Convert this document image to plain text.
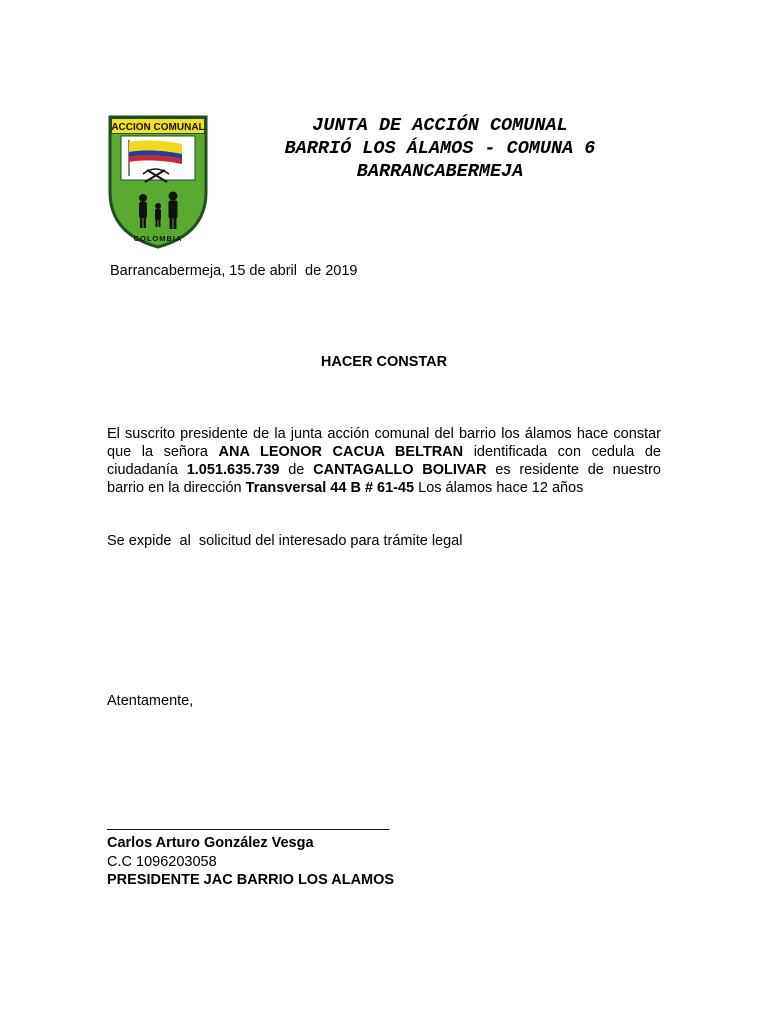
ACCION COMUNAL
COLOMBIA
JUNTA DE ACCIÓN COMUNAL
BARRIÓ LOS ÁLAMOS - COMUNA 6
BARRANCABERMEJA
Barrancabermeja, 15 de abril  de 2019
HACER CONSTAR
El suscrito presidente de la junta acción comunal del barrio los álamos hace constar
que la señora ANA LEONOR CACUA BELTRAN identificada con cedula de
ciudadanía 1.051.635.739 de CANTAGALLO BOLIVAR es residente de nuestro
barrio en la dirección Transversal 44 B # 61-45 Los álamos hace 12 años
Se expide  al  solicitud del interesado para trámite legal
Atentamente,
___________________________________
Carlos Arturo González Vesga
C.C 1096203058
PRESIDENTE JAC BARRIO LOS ALAMOS
